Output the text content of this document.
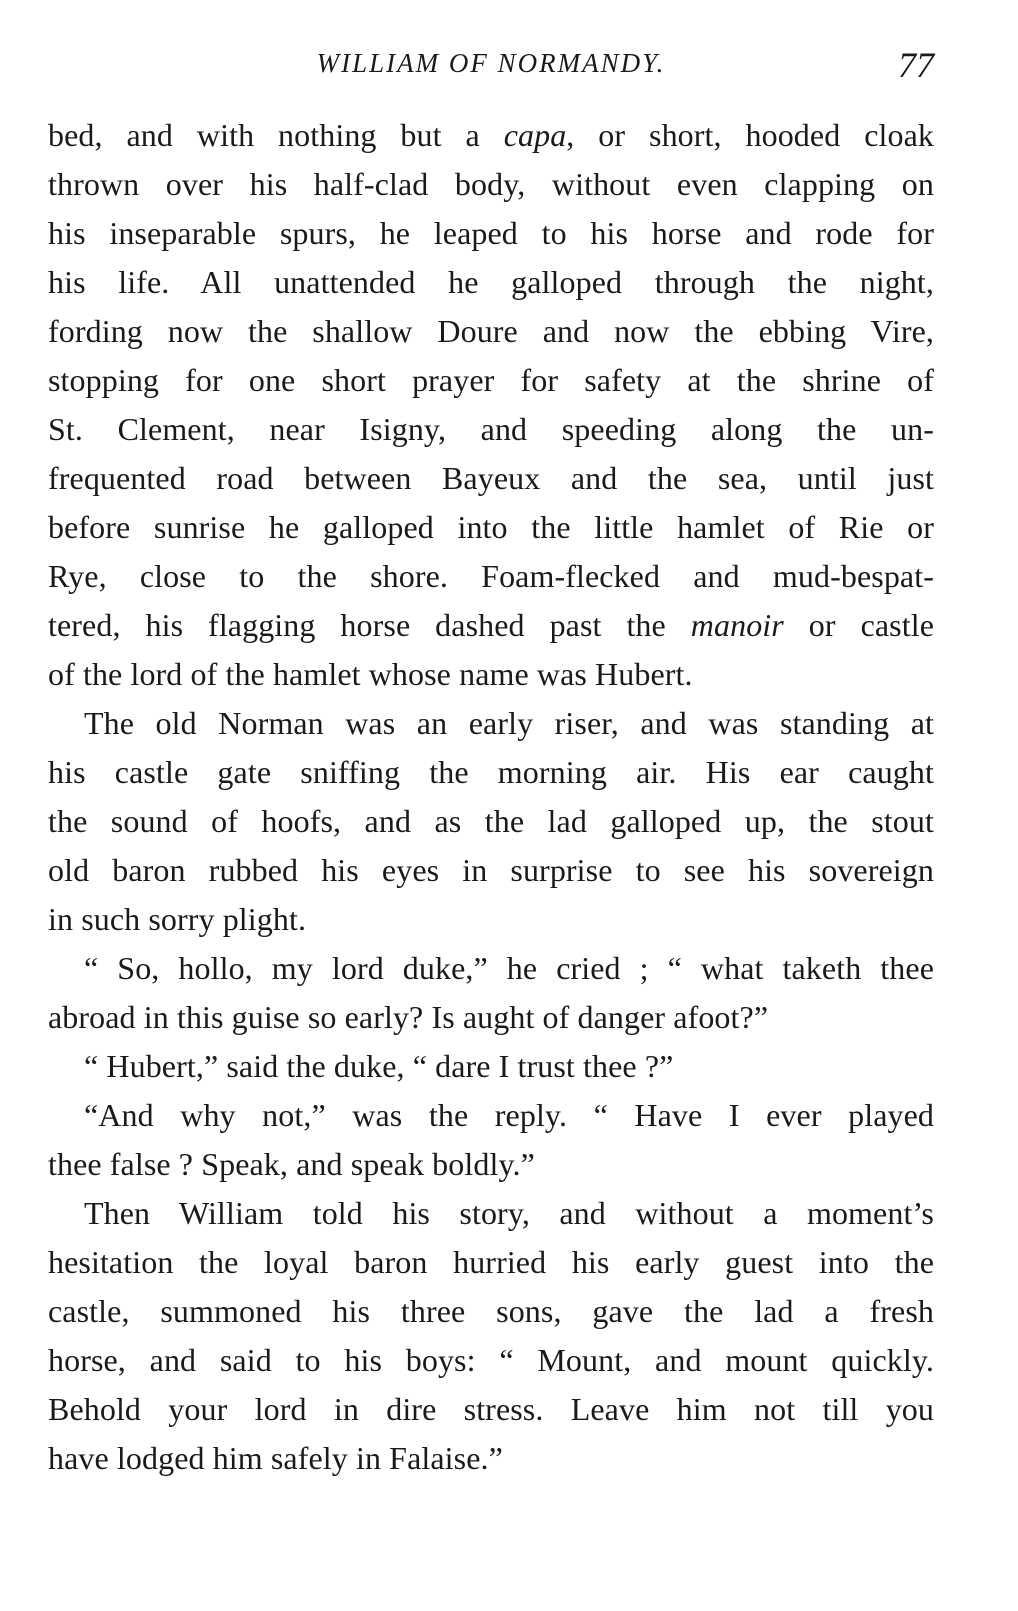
WILLIAM OF NORMANDY.	77
bed, and with nothing but a capa, or short, hooded cloak
thrown over his half-clad body, without even clapping on
his inseparable spurs, he leaped to his horse and rode for
his life. All unattended he galloped through the night,
fording now the shallow Doure and now the ebbing Vire,
stopping for one short prayer for safety at the shrine of
St. Clement, near Isigny, and speeding along the un-
frequented road between Bayeux and the sea, until just
before sunrise he galloped into the little hamlet of Rie or
Rye, close to the shore. Foam-flecked and mud-bespat-
tered, his flagging horse dashed past the manoir or castle
of the lord of the hamlet whose name was Hubert.
The old Norman was an early riser, and was standing at
his castle gate sniffing the morning air. His ear caught
the sound of hoofs, and as the lad galloped up, the stout
old baron rubbed his eyes in surprise to see his sovereign
in such sorry plight.
“ So, hollo, my lord duke,” he cried ; “ what taketh thee
abroad in this guise so early? Is aught of danger afoot?”
“ Hubert,” said the duke, “ dare I trust thee ?”
“And why not,” was the reply. “ Have I ever played
thee false ? Speak, and speak boldly.”
Then William told his story, and without a moment’s
hesitation the loyal baron hurried his early guest into the
castle, summoned his three sons, gave the lad a fresh
horse, and said to his boys: “ Mount, and mount quickly.
Behold your lord in dire stress. Leave him not till you
have lodged him safely in Falaise.”
